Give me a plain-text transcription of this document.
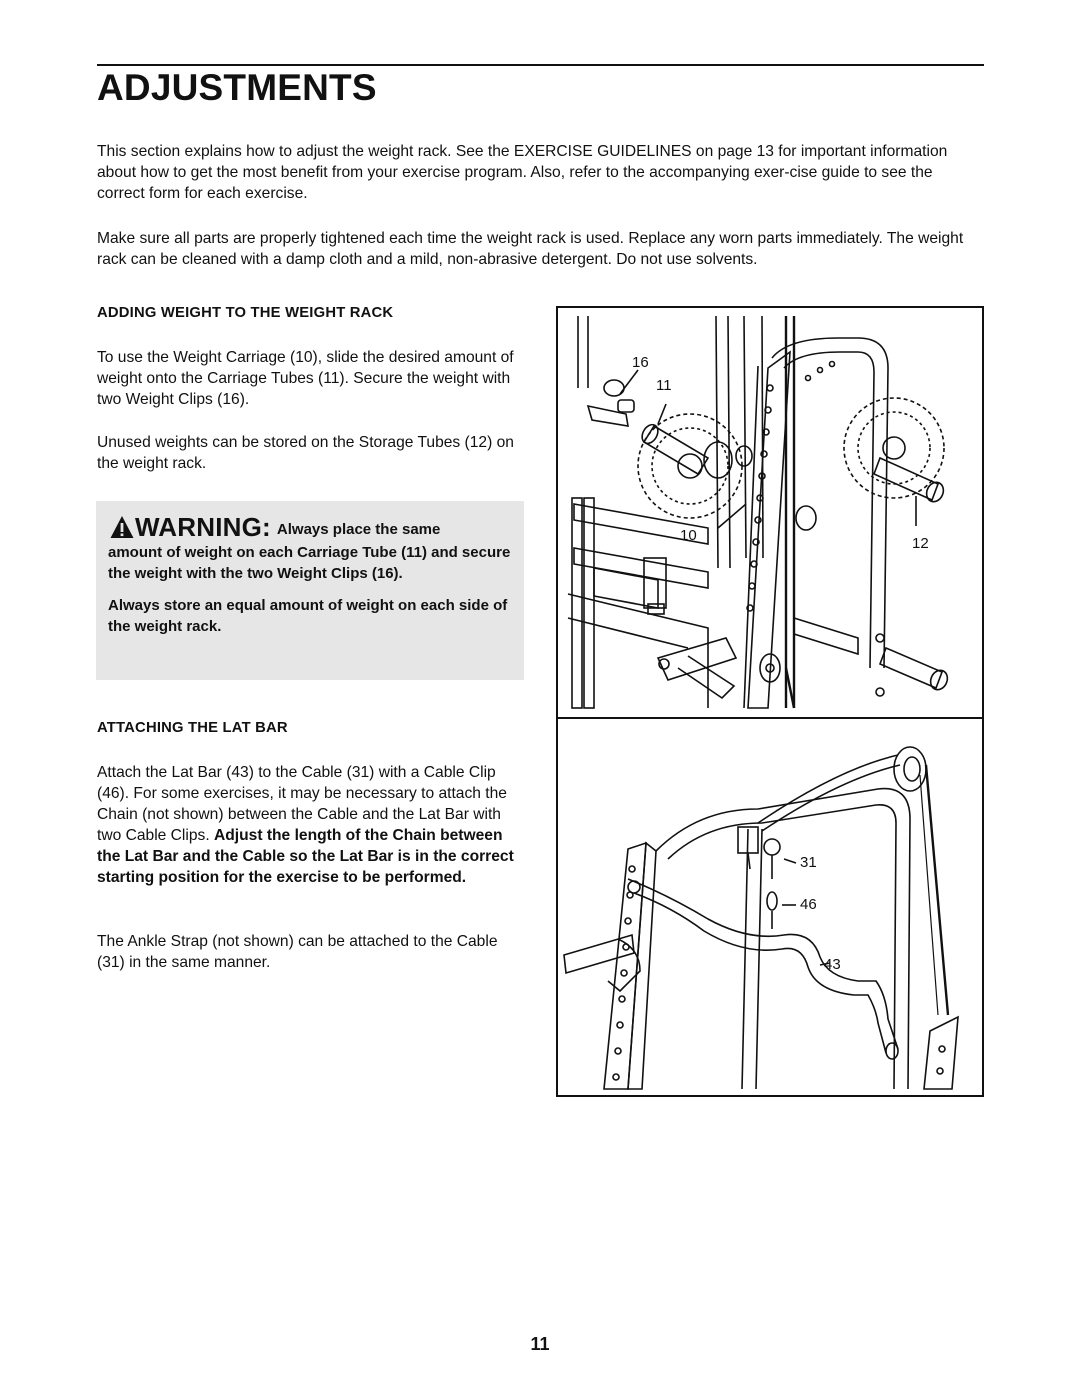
ADJUSTMENTS

This section explains how to adjust the weight rack. See the EXERCISE GUIDELINES on page 13 for important information about how to get the most benefit from your exercise program. Also, refer to the accompanying exer-cise guide to see the correct form for each exercise.

Make sure all parts are properly tightened each time the weight rack is used. Replace any worn parts immediately. The weight rack can be cleaned with a damp cloth and a mild, non-abrasive detergent. Do not use solvents.

ADDING WEIGHT TO THE WEIGHT RACK

To use the Weight Carriage (10), slide the desired amount of weight onto the Carriage Tubes (11). Secure the weight with two Weight Clips (16).

Unused weights can be stored on the Storage Tubes (12) on the weight rack.

WARNING: Always place the same

amount of weight on each Carriage Tube (11) and secure the weight with the two Weight Clips (16).

Always store an equal amount of weight on each side of the weight rack.

ATTACHING THE LAT BAR

Attach the Lat Bar (43) to the Cable (31) with a Cable Clip (46). For some exercises, it may be necessary to attach the Chain (not shown) between the Cable and the Lat Bar with two Cable Clips. Adjust the length of the Chain between the Lat Bar and the Cable so the Lat Bar is in the correct starting position for the exercise to be performed.

The Ankle Strap (not shown) can be attached to the Cable (31) in the same manner.

16
11
10	12
31
46
43
11
